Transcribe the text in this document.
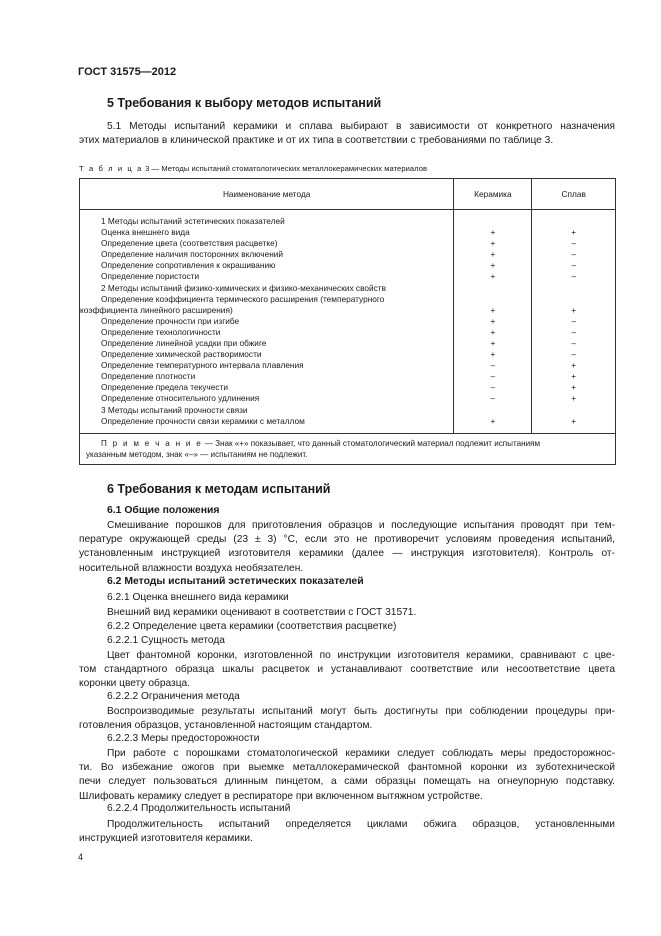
ГОСТ 31575—2012
5 Требования к выбору методов испытаний
5.1 Методы испытаний керамики и сплава выбирают в зависимости от конкретного назначения
этих материалов в клинической практике и от их типа в соответствии с требованиями по таблице 3.
Т а б л и ц а 3 — Методы испытаний стоматологических металлокерамических материалов
Наименование метода	Керамика	Сплав

1 Методы испытаний эстетических показателей		
Оценка внешнего вида	+	+
Определение цвета (соответствия расцветке)	+	–
Определение наличия посторонних включений	+	–
Определение сопротивления к окрашиванию	+	–
Определение пористости	+	–
2 Методы испытаний физико-химических и физико-механических свойств		

Определение коэффициента термического расширения (температурного
коэффициента линейного расширения)	+	+
Определение прочности при изгибе	+	–
Определение технологичности	+	–
Определение линейной усадки при обжиге	+	–
Определение химической растворимости	+	–
Определение температурного интервала плавления	–	+
Определение плотности	–	+
Определение предела текучести	–	+
Определение относительного удлинения	–	+
3 Методы испытаний прочности связи		
Определение прочности связи керамики с металлом	+	+

П р и м е ч а н и е — Знак «+» показывает, что данный стоматологический материал подлежит испытаниям
указанным методом, знак «–» — испытаниям не подлежит.		
6 Требования к методам испытаний
6.1 Общие положения
Смешивание порошков для приготовления образцов и последующие испытания проводят при тем-
пературе окружающей среды (23 ± 3) °С, если это не противоречит условиям проведения испытаний,
установленным инструкцией изготовителя керамики (далее — инструкция изготовителя). Контроль от-
носительной влажности воздуха необязателен.
6.2 Методы испытаний эстетических показателей
6.2.1 Оценка внешнего вида керамики
Внешний вид керамики оценивают в соответствии с ГОСТ 31571.
6.2.2 Определение цвета керамики (соответствия расцветке)
6.2.2.1 Сущность метода
Цвет фантомной коронки, изготовленной по инструкции изготовителя керамики, сравнивают с цве-
том стандартного образца шкалы расцветок и устанавливают соответствие или несоответствие цвета
коронки цвету образца.
6.2.2.2 Ограничения метода
Воспроизводимые результаты испытаний могут быть достигнуты при соблюдении процедуры при-
готовления образцов, установленной настоящим стандартом.
6.2.2.3 Меры предосторожности
При работе с порошками стоматологической керамики следует соблюдать меры предосторожнос-
ти. Во избежание ожогов при выемке металлокерамической фантомной коронки из зуботехнической
печи следует пользоваться длинным пинцетом, а сами образцы помещать на огнеупорную подставку.
Шлифовать керамику следует в респираторе при включенном вытяжном устройстве.
6.2.2.4 Продолжительность испытаний
Продолжительность испытаний определяется циклами обжига образцов, установленными
инструкцией изготовителя керамики.
4
